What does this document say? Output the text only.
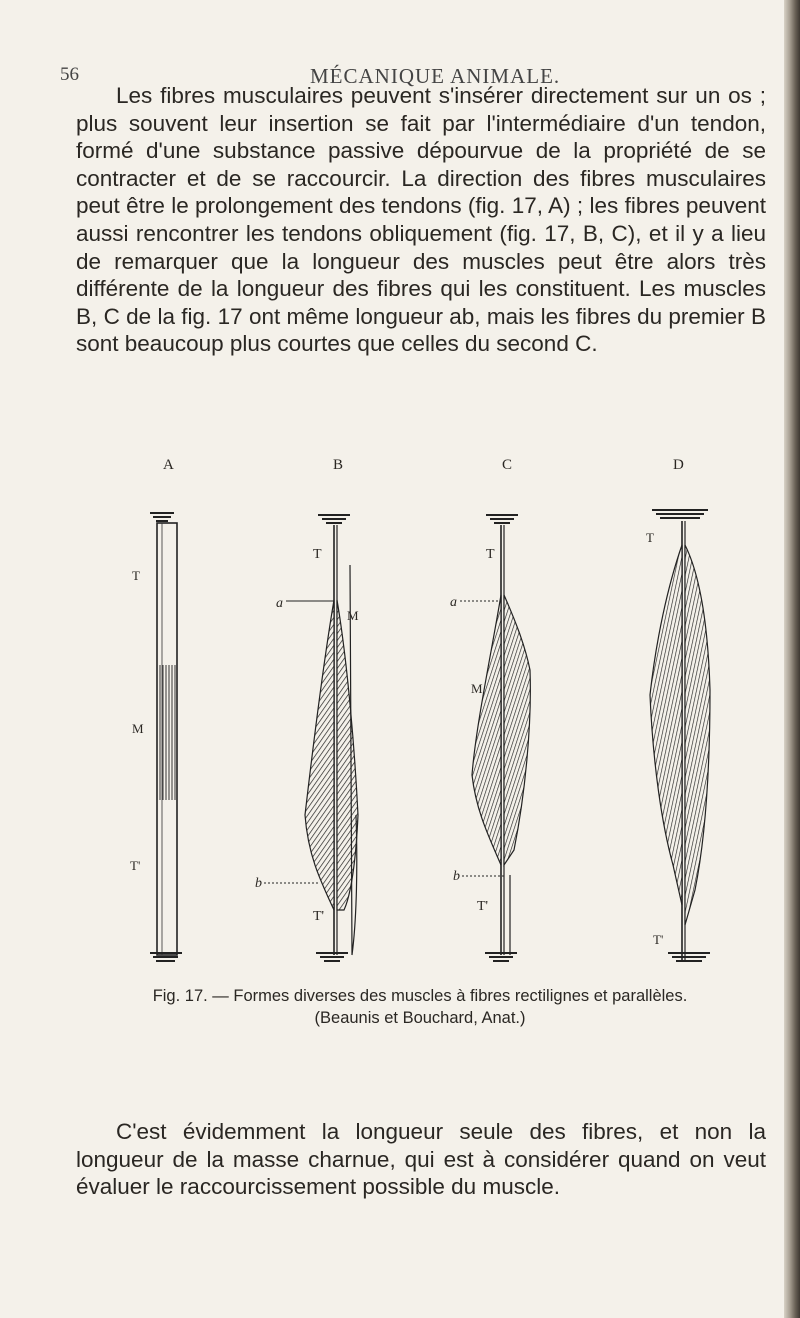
56	MÉCANIQUE ANIMALE.

Les fibres musculaires peuvent s'insérer directement sur un os ; plus souvent leur insertion se fait par l'intermédiaire d'un tendon, formé d'une substance passive dépourvue de la propriété de se contracter et de se raccourcir. La direction des fibres musculaires peut être le prolongement des tendons (fig. 17, A) ; les fibres peuvent aussi rencontrer les tendons obliquement (fig. 17, B, C), et il y a lieu de remarquer que la longueur des muscles peut être alors très différente de la longueur des fibres qui les constituent. Les muscles B, C de la fig. 17 ont même longueur ab, mais les fibres du premier B sont beaucoup plus courtes que celles du second C.

A	B	C	D
T
M
T'
T
M
a
b
T'
T
M
a
b
T'
T
T'
Fig. 17. — Formes diverses des muscles à fibres rectilignes et parallèles.
(Beaunis et Bouchard, Anat.)

C'est évidemment la longueur seule des fibres, et non la longueur de la masse charnue, qui est à considérer quand on veut évaluer le raccourcissement possible du muscle.
